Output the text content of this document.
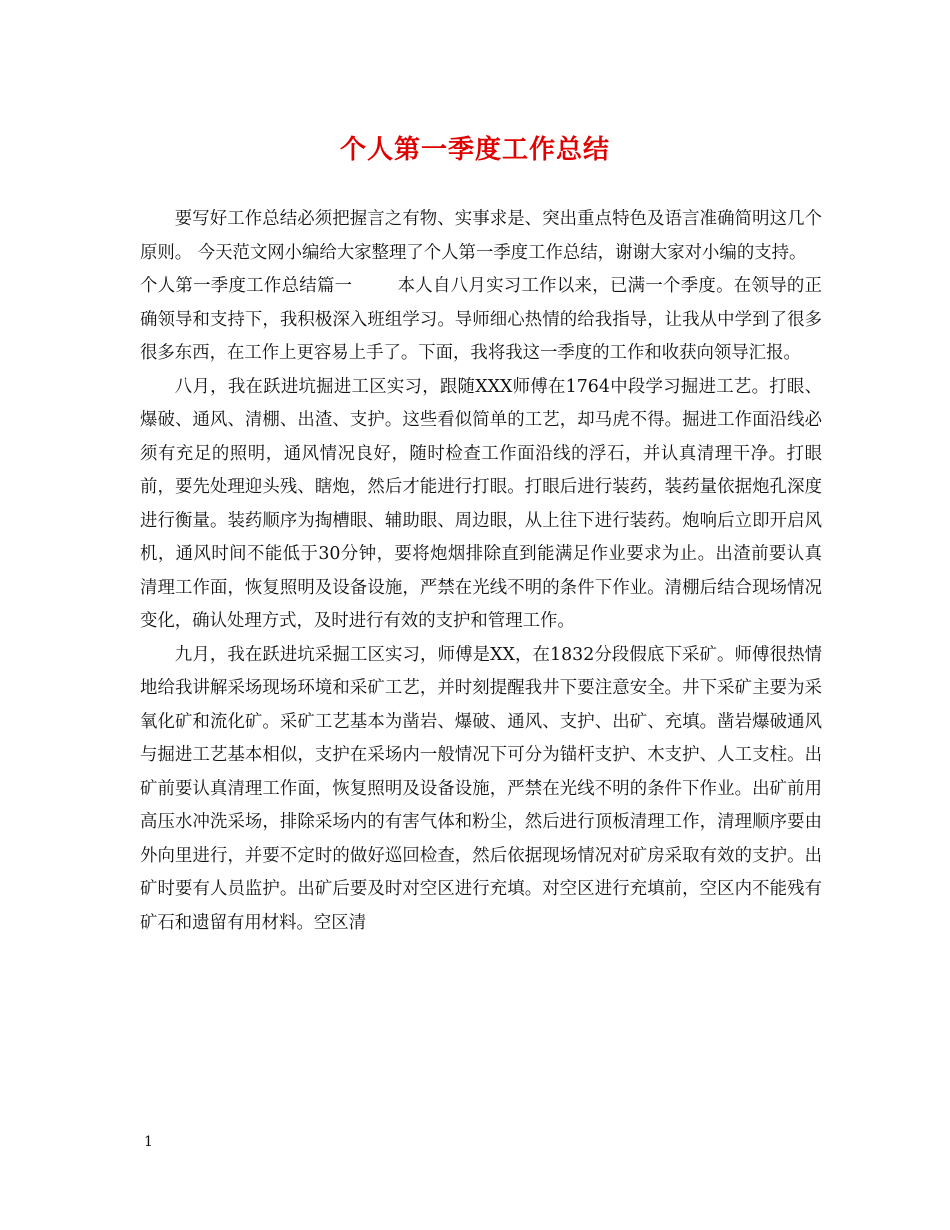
个人第一季度工作总结

要写好工作总结必须把握言之有物、实事求是、突出重点特色及语言准确简明这几个原则。 今天范文网小编给大家整理了个人第一季度工作总结，谢谢大家对小编的支持。

个人第一季度工作总结篇一	本人自八月实习工作以来，已满一个季度。在领导的正确领导和支持下，我积极深入班组学习。导师细心热情的给我指导，让我从中学到了很多很多东西，在工作上更容易上手了。下面，我将我这一季度的工作和收获向领导汇报。

八月，我在跃进坑掘进工区实习，跟随XXX师傅在1764中段学习掘进工艺。打眼、爆破、通风、清棚、出渣、支护。这些看似简单的工艺，却马虎不得。掘进工作面沿线必须有充足的照明，通风情况良好，随时检查工作面沿线的浮石，并认真清理干净。打眼前，要先处理迎头残、瞎炮，然后才能进行打眼。打眼后进行装药，装药量依据炮孔深度进行衡量。装药顺序为掏槽眼、辅助眼、周边眼，从上往下进行装药。炮响后立即开启风机，通风时间不能低于30分钟，要将炮烟排除直到能满足作业要求为止。出渣前要认真清理工作面，恢复照明及设备设施，严禁在光线不明的条件下作业。清棚后结合现场情况变化，确认处理方式，及时进行有效的支护和管理工作。

九月，我在跃进坑采掘工区实习，师傅是XX，在1832分段假底下采矿。师傅很热情地给我讲解采场现场环境和采矿工艺，并时刻提醒我井下要注意安全。井下采矿主要为采氧化矿和流化矿。采矿工艺基本为凿岩、爆破、通风、支护、出矿、充填。凿岩爆破通风与掘进工艺基本相似，支护在采场内一般情况下可分为锚杆支护、木支护、人工支柱。出矿前要认真清理工作面，恢复照明及设备设施，严禁在光线不明的条件下作业。出矿前用高压水冲洗采场，排除采场内的有害气体和粉尘，然后进行顶板清理工作，清理顺序要由外向里进行，并要不定时的做好巡回检查，然后依据现场情况对矿房采取有效的支护。出矿时要有人员监护。出矿后要及时对空区进行充填。对空区进行充填前，空区内不能残有矿石和遗留有用材料。空区清

1
